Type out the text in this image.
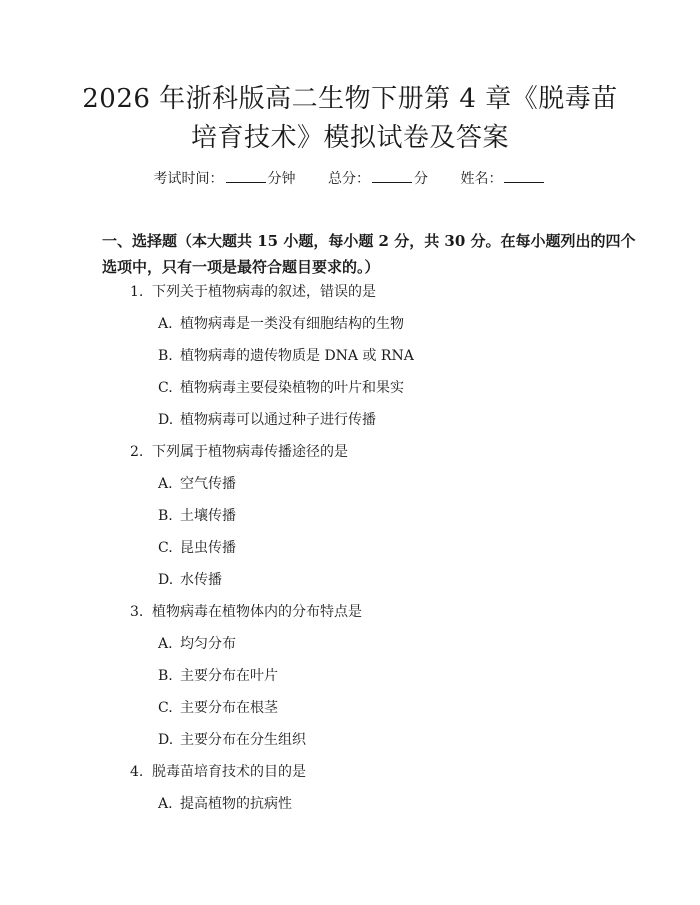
2026 年浙科版高二生物下册第 4 章《脱毒苗
培育技术》模拟试卷及答案
考试时间：	分钟 总分：	分 姓名：
一、选择题（本大题共 15 小题，每小题 2 分，共 30 分。在每小题列出的四个选项中，只有一项是最符合题目要求的。）
1. 下列关于植物病毒的叙述，错误的是
A. 植物病毒是一类没有细胞结构的生物
B. 植物病毒的遗传物质是 DNA 或 RNA
C. 植物病毒主要侵染植物的叶片和果实
D. 植物病毒可以通过种子进行传播
2. 下列属于植物病毒传播途径的是
A. 空气传播
B. 土壤传播
C. 昆虫传播
D. 水传播
3. 植物病毒在植物体内的分布特点是
A. 均匀分布
B. 主要分布在叶片
C. 主要分布在根茎
D. 主要分布在分生组织
4. 脱毒苗培育技术的目的是
A. 提高植物的抗病性
